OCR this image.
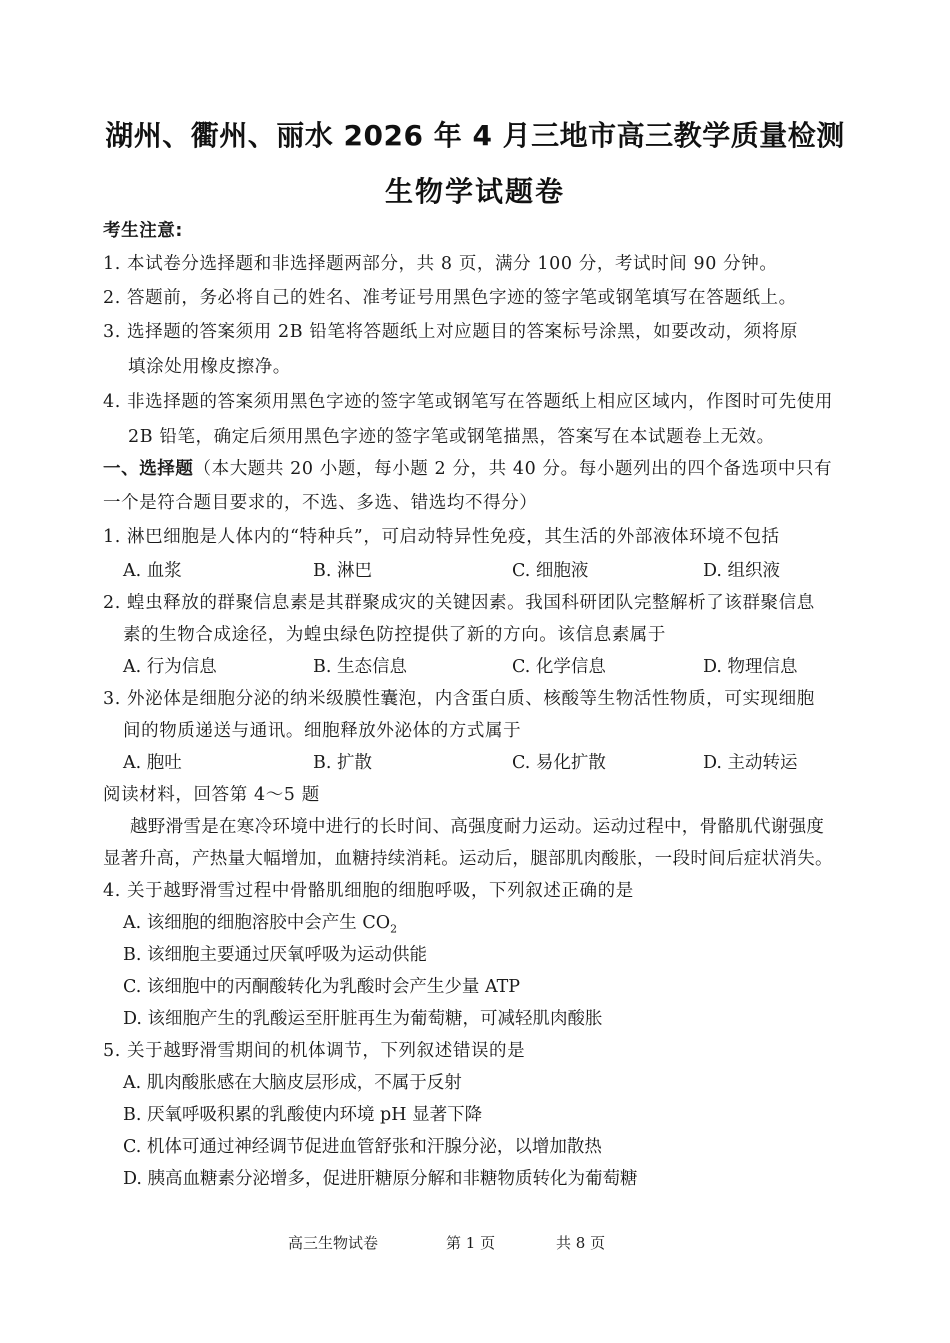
湖州、衢州、丽水 2026 年 4 月三地市高三教学质量检测
生物学试题卷
考生注意:
1. 本试卷分选择题和非选择题两部分，共 8 页，满分 100 分，考试时间 90 分钟。
2. 答题前，务必将自己的姓名、准考证号用黑色字迹的签字笔或钢笔填写在答题纸上。
3. 选择题的答案须用 2B 铅笔将答题纸上对应题目的答案标号涂黑，如要改动，须将原
填涂处用橡皮擦净。
4. 非选择题的答案须用黑色字迹的签字笔或钢笔写在答题纸上相应区域内，作图时可先使用
2B 铅笔，确定后须用黑色字迹的签字笔或钢笔描黑，答案写在本试题卷上无效。
一、选择题（本大题共 20 小题，每小题 2 分，共 40 分。每小题列出的四个备选项中只有
一个是符合题目要求的，不选、多选、错选均不得分）
1. 淋巴细胞是人体内的“特种兵”，可启动特异性免疫，其生活的外部液体环境不包括
A. 血浆	B. 淋巴	C. 细胞液	D. 组织液
2. 蝗虫释放的群聚信息素是其群聚成灾的关键因素。我国科研团队完整解析了该群聚信息
素的生物合成途径，为蝗虫绿色防控提供了新的方向。该信息素属于
A. 行为信息	B. 生态信息	C. 化学信息	D. 物理信息
3. 外泌体是细胞分泌的纳米级膜性囊泡，内含蛋白质、核酸等生物活性物质，可实现细胞
间的物质递送与通讯。细胞释放外泌体的方式属于
A. 胞吐	B. 扩散	C. 易化扩散	D. 主动转运
阅读材料，回答第 4～5 题
越野滑雪是在寒冷环境中进行的长时间、高强度耐力运动。运动过程中，骨骼肌代谢强度
显著升高，产热量大幅增加，血糖持续消耗。运动后，腿部肌肉酸胀，一段时间后症状消失。
4. 关于越野滑雪过程中骨骼肌细胞的细胞呼吸，下列叙述正确的是
A. 该细胞的细胞溶胶中会产生 $CO_2$
B. 该细胞主要通过厌氧呼吸为运动供能
C. 该细胞中的丙酮酸转化为乳酸时会产生少量 ATP
D. 该细胞产生的乳酸运至肝脏再生为葡萄糖，可减轻肌肉酸胀
5. 关于越野滑雪期间的机体调节，下列叙述错误的是
A. 肌肉酸胀感在大脑皮层形成，不属于反射
B. 厌氧呼吸积累的乳酸使内环境 pH 显著下降
C. 机体可通过神经调节促进血管舒张和汗腺分泌，以增加散热
D. 胰高血糖素分泌增多，促进肝糖原分解和非糖物质转化为葡萄糖
高三生物试卷	第 1 页	共 8 页
